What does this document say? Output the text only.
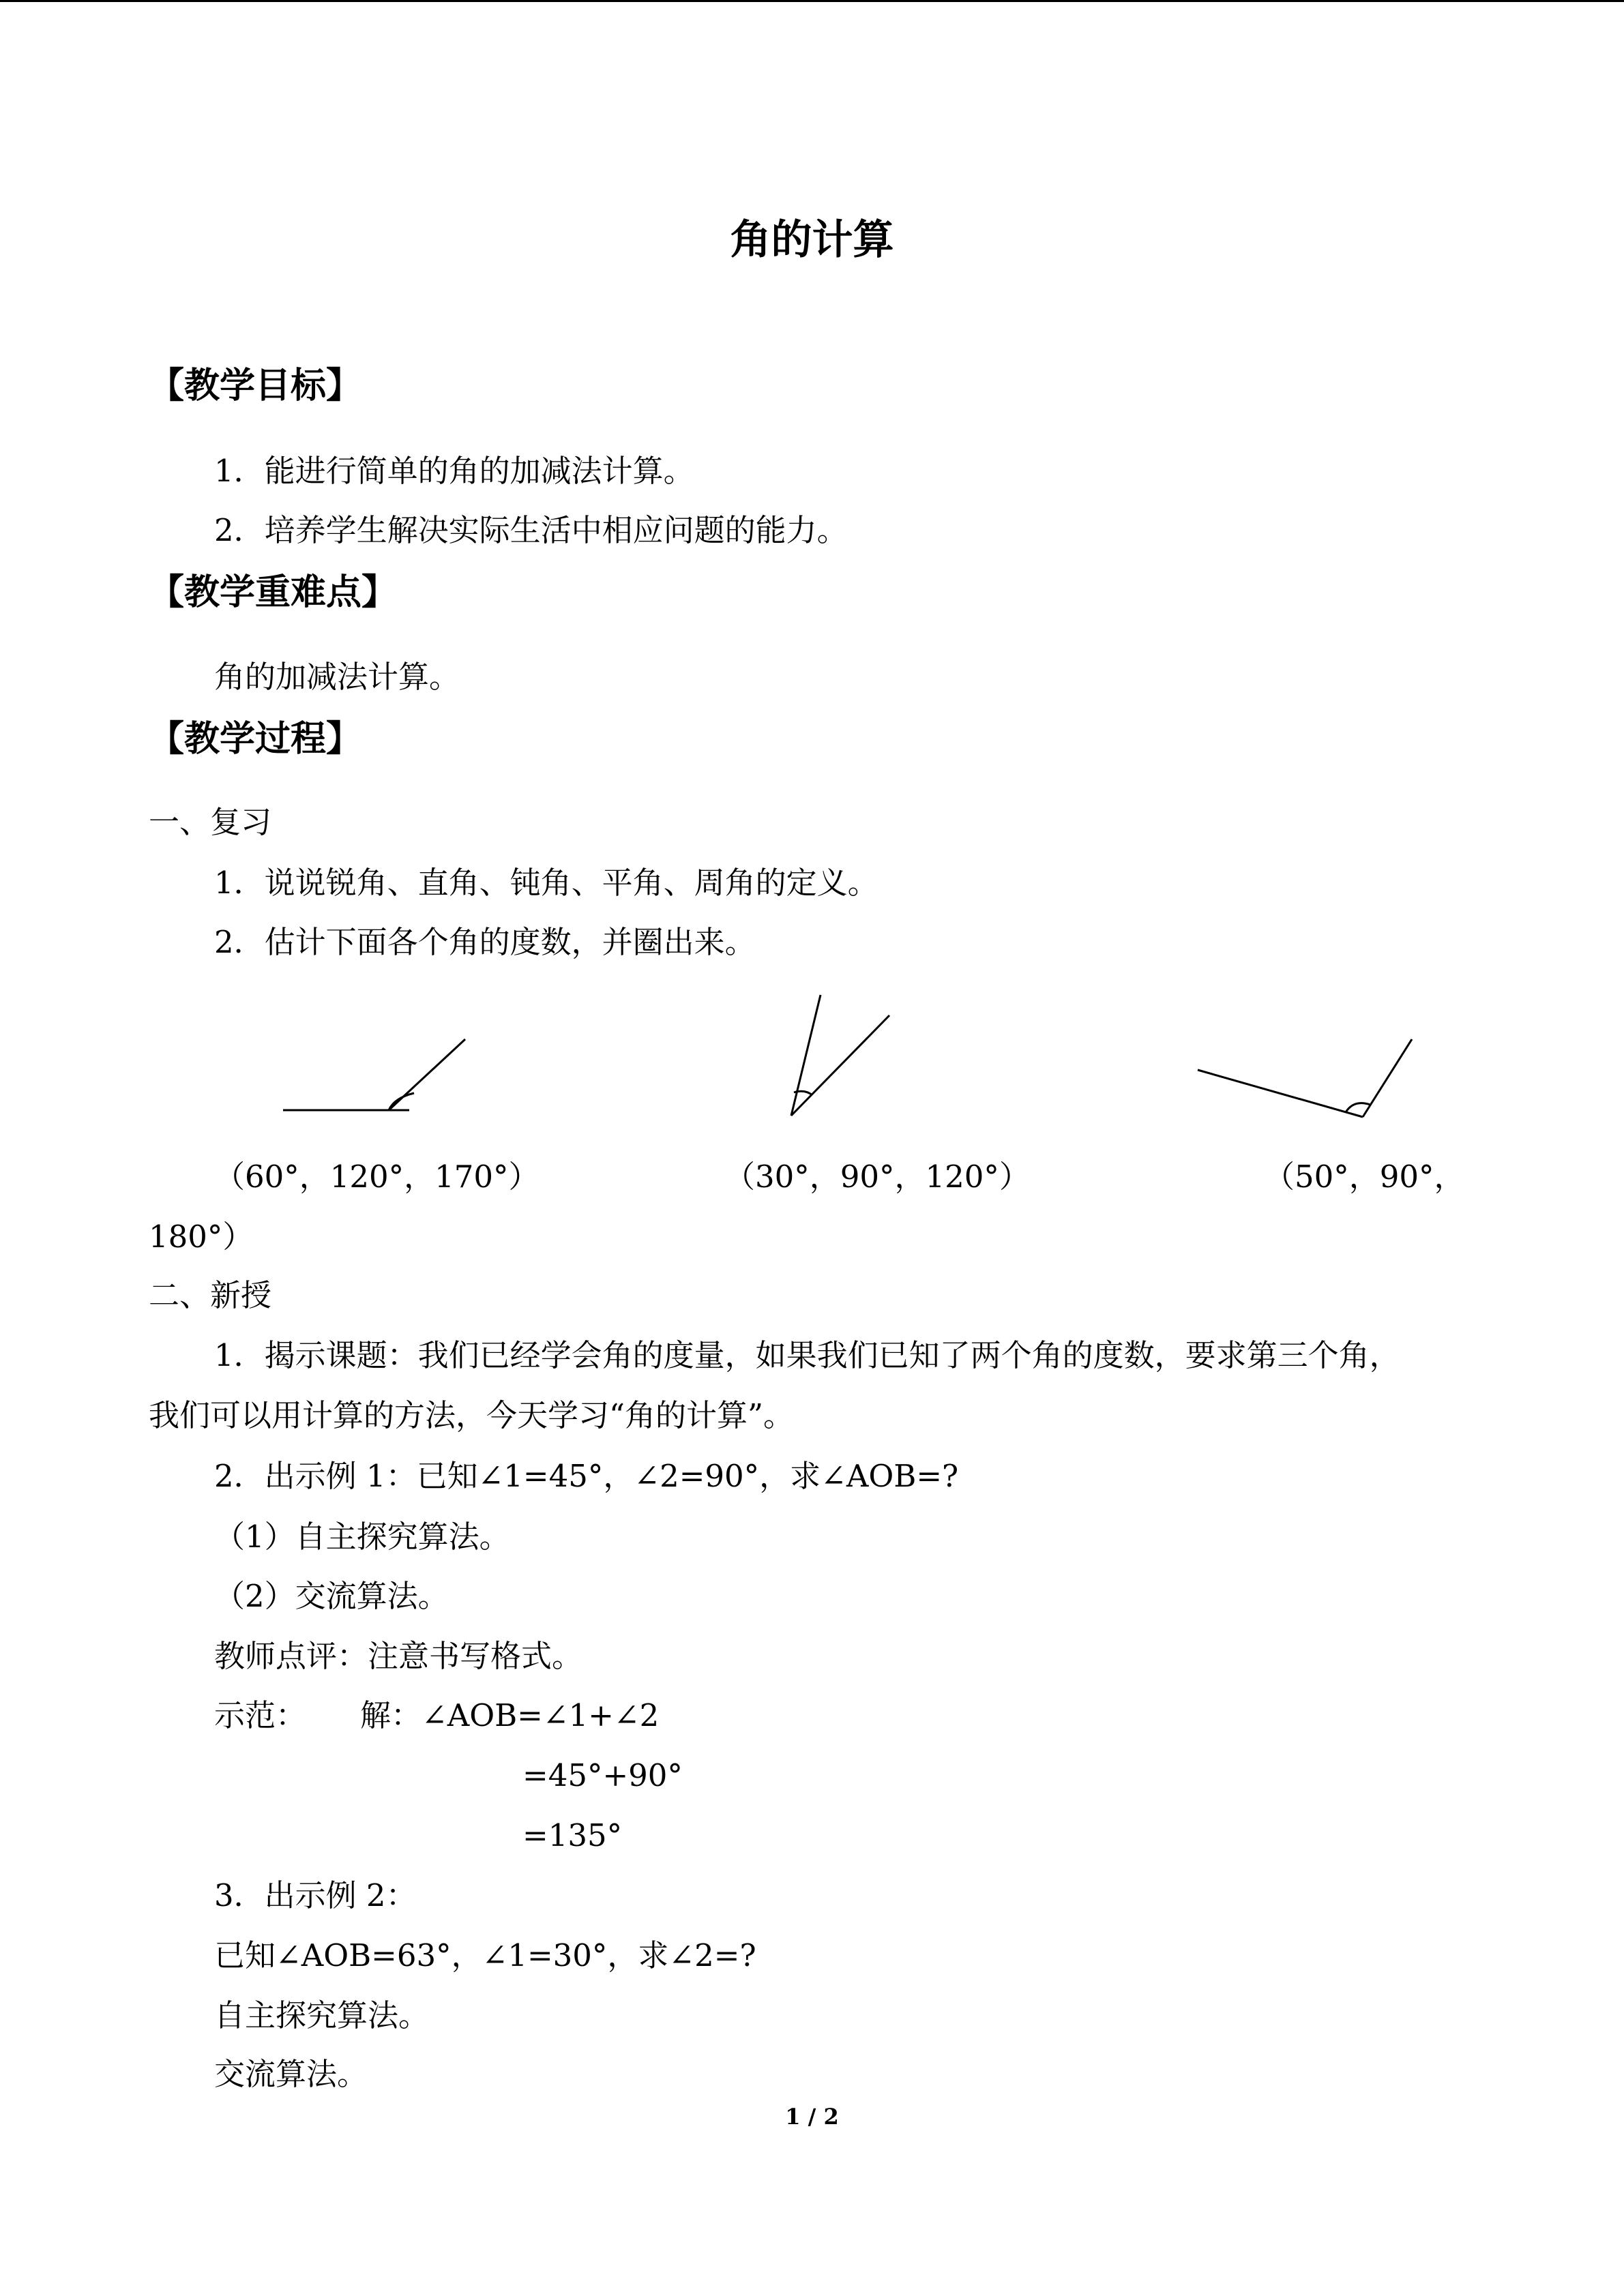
角的计算
【教学目标】
1．能进行简单的角的加减法计算。
2．培养学生解决实际生活中相应问题的能力。
【教学重难点】
角的加减法计算。
【教学过程】
一、复习
1．说说锐角、直角、钝角、平角、周角的定义。
2．估计下面各个角的度数，并圈出来。
（60°，120°，170°）	（30°，90°，120°）	（50°，90°，
180°）
二、新授
1．揭示课题：我们已经学会角的度量，如果我们已知了两个角的度数，要求第三个角，
我们可以用计算的方法，今天学习“角的计算”。
2．出示例 1：已知∠1=45°，∠2=90°，求∠AOB=?
（1）自主探究算法。
（2）交流算法。
教师点评：注意书写格式。
示范： 解：∠AOB=∠1+∠2
=45°+90°
=135°
3．出示例 2：
已知∠AOB=63°，∠1=30°，求∠2=?
自主探究算法。
交流算法。
1 / 2
